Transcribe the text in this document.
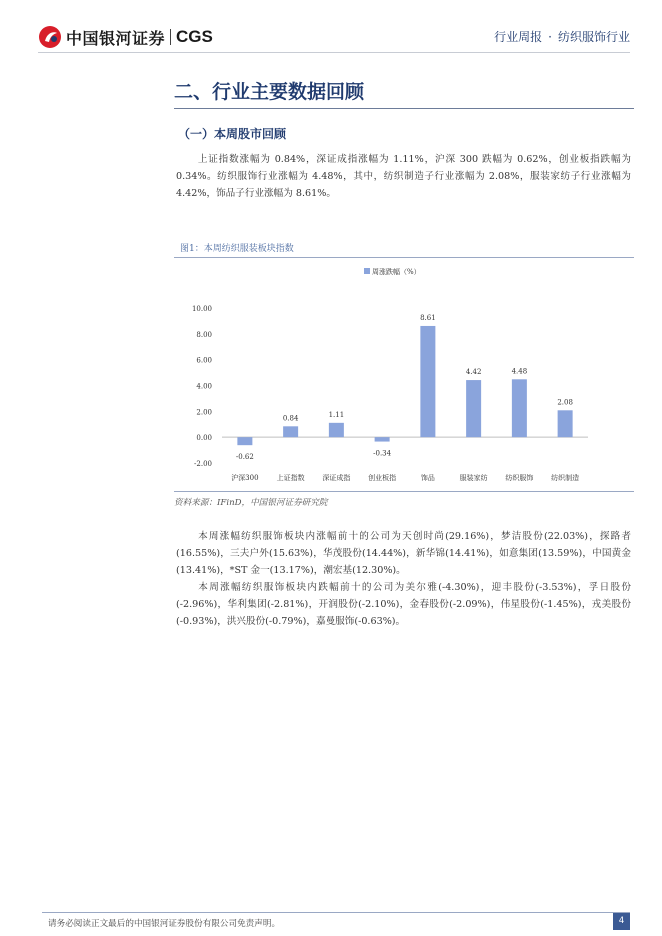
中国银河证券 CGS	行业周报 · 纺织服饰行业
二、行业主要数据回顾
（一）本周股市回顾
上证指数涨幅为 0.84%，深证成指涨幅为 1.11%，沪深 300 跌幅为 0.62%，创业板指跌幅为 0.34%。纺织服饰行业涨幅为 4.48%，其中，纺织制造子行业涨幅为 2.08%，服装家纺子行业涨幅为 4.42%，饰品子行业涨幅为 8.61%。
图1：本周纺织服装板块指数
周涨跌幅（%）
10.00
8.00
6.00
4.00
2.00
0.00
-2.00
-0.62
沪深300
0.84
上证指数
1.11
深证成指
-0.34
创业板指
8.61
饰品
4.42
服装家纺
4.48
纺织服饰
2.08
纺织制造
资料来源：IFinD，中国银河证券研究院
本周涨幅纺织服饰板块内涨幅前十的公司为天创时尚(29.16%)，梦洁股份(22.03%)，探路者(16.55%)，三夫户外(15.63%)，华茂股份(14.44%)，新华锦(14.41%)，如意集团(13.59%)，中国黄金(13.41%)，*ST 金一(13.17%)，潮宏基(12.30%)。
本周涨幅纺织服饰板块内跌幅前十的公司为美尔雅(-4.30%)，迎丰股份(-3.53%)，孚日股份(-2.96%)，华利集团(-2.81%)，开润股份(-2.10%)，金春股份(-2.09%)，伟星股份(-1.45%)，戎美股份(-0.93%)，洪兴股份(-0.79%)，嘉曼服饰(-0.63%)。
请务必阅读正文最后的中国银河证券股份有限公司免责声明。	4
